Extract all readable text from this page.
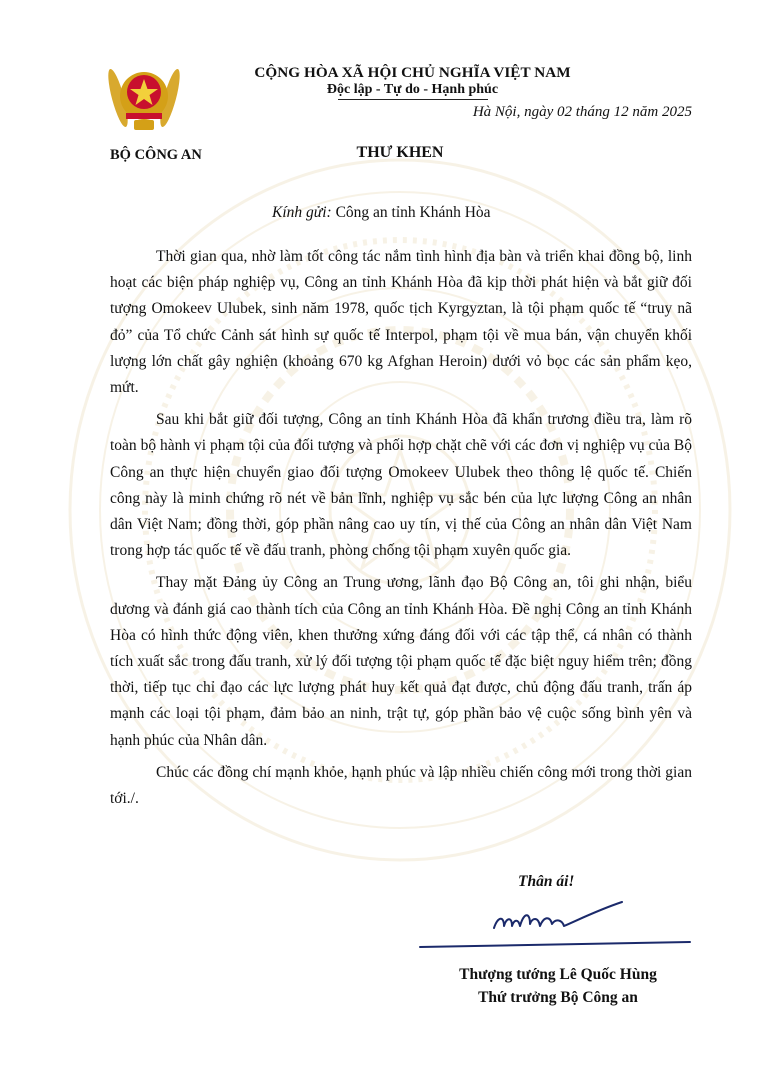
CỘNG HÒA XÃ HỘI CHỦ NGHĨA VIỆT NAM
Độc lập - Tự do - Hạnh phúc
Hà Nội, ngày 02 tháng 12 năm 2025
BỘ CÔNG AN	THƯ KHEN
Kính gửi: Công an tỉnh Khánh Hòa

Thời gian qua, nhờ làm tốt công tác nắm tình hình địa bàn và triển khai đồng bộ, linh hoạt các biện pháp nghiệp vụ, Công an tỉnh Khánh Hòa đã kịp thời phát hiện và bắt giữ đối tượng Omokeev Ulubek, sinh năm 1978, quốc tịch Kyrgyztan, là tội phạm quốc tế “truy nã đỏ” của Tổ chức Cảnh sát hình sự quốc tế Interpol, phạm tội về mua bán, vận chuyển khối lượng lớn chất gây nghiện (khoảng 670 kg Afghan Heroin) dưới vỏ bọc các sản phẩm kẹo, mứt.

Sau khi bắt giữ đối tượng, Công an tỉnh Khánh Hòa đã khẩn trương điều tra, làm rõ toàn bộ hành vi phạm tội của đối tượng và phối hợp chặt chẽ với các đơn vị nghiệp vụ của Bộ Công an thực hiện chuyển giao đối tượng Omokeev Ulubek theo thông lệ quốc tế. Chiến công này là minh chứng rõ nét về bản lĩnh, nghiệp vụ sắc bén của lực lượng Công an nhân dân Việt Nam; đồng thời, góp phần nâng cao uy tín, vị thế của Công an nhân dân Việt Nam trong hợp tác quốc tế về đấu tranh, phòng chống tội phạm xuyên quốc gia.

Thay mặt Đảng ủy Công an Trung ương, lãnh đạo Bộ Công an, tôi ghi nhận, biểu dương và đánh giá cao thành tích của Công an tỉnh Khánh Hòa. Đề nghị Công an tỉnh Khánh Hòa có hình thức động viên, khen thưởng xứng đáng đối với các tập thể, cá nhân có thành tích xuất sắc trong đấu tranh, xử lý đối tượng tội phạm quốc tế đặc biệt nguy hiểm trên; đồng thời, tiếp tục chỉ đạo các lực lượng phát huy kết quả đạt được, chủ động đấu tranh, trấn áp mạnh các loại tội phạm, đảm bảo an ninh, trật tự, góp phần bảo vệ cuộc sống bình yên và hạnh phúc của Nhân dân.

Chúc các đồng chí mạnh khỏe, hạnh phúc và lập nhiều chiến công mới trong thời gian tới./.

Thân ái!
Thượng tướng Lê Quốc Hùng
Thứ trưởng Bộ Công an
